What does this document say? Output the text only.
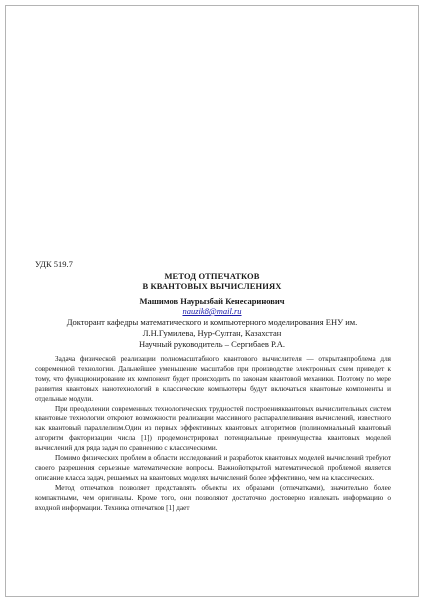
УДК 519.7
МЕТОД ОТПЕЧАТКОВ
В КВАНТОВЫХ ВЫЧИСЛЕНИЯХ
Машимов Наурызбай Кенесаринович
nauzik8@mail.ru
Докторант кафедры математического и компьютерного моделирования ЕНУ им.
Л.Н.Гумилева, Нур-Султан, Казахстан
Научный руководитель – Сергибаев Р.А.

Задача физической реализации полномасштабного квантового вычислителя — открытаяпроблема для современной технологии. Дальнейшее уменьшение масштабов при производстве электронных схем приведет к тому, что функционирование их компонент будет происходить по законам квантовой механики. Поэтому по мере развития квантовых нанотехнологий в классические компьютеры будут включаться квантовые компоненты и отдельные модули.

При преодолении современных технологических трудностей построенияквантовых вычислительных систем квантовые технологии откроют возможности реализации массивного распараллеливания вычислений, известного как квантовый параллелизм.Один из первых эффективных квантовых алгоритмов (полиномиальный квантовый алгоритм факторизации числа [1]) продемонстрировал потенциальные преимущества квантовых моделей вычислений для ряда задач по сравнению с классическими.

Помимо физических проблем в области исследований и разработок квантовых моделей вычислений требуют своего разрешения серьезные математические вопросы. Важнойоткрытой математической проблемой является описание класса задач, решаемых на квантовых моделях вычислений более эффективно, чем на классических.

Метод отпечатков позволяет представлять объекты их образами (отпечатками), значительно более компактными, чем оригиналы. Кроме того, они позволяют достаточно достоверно извлекать информацию о входной информации. Техника отпечатков [1] дает
